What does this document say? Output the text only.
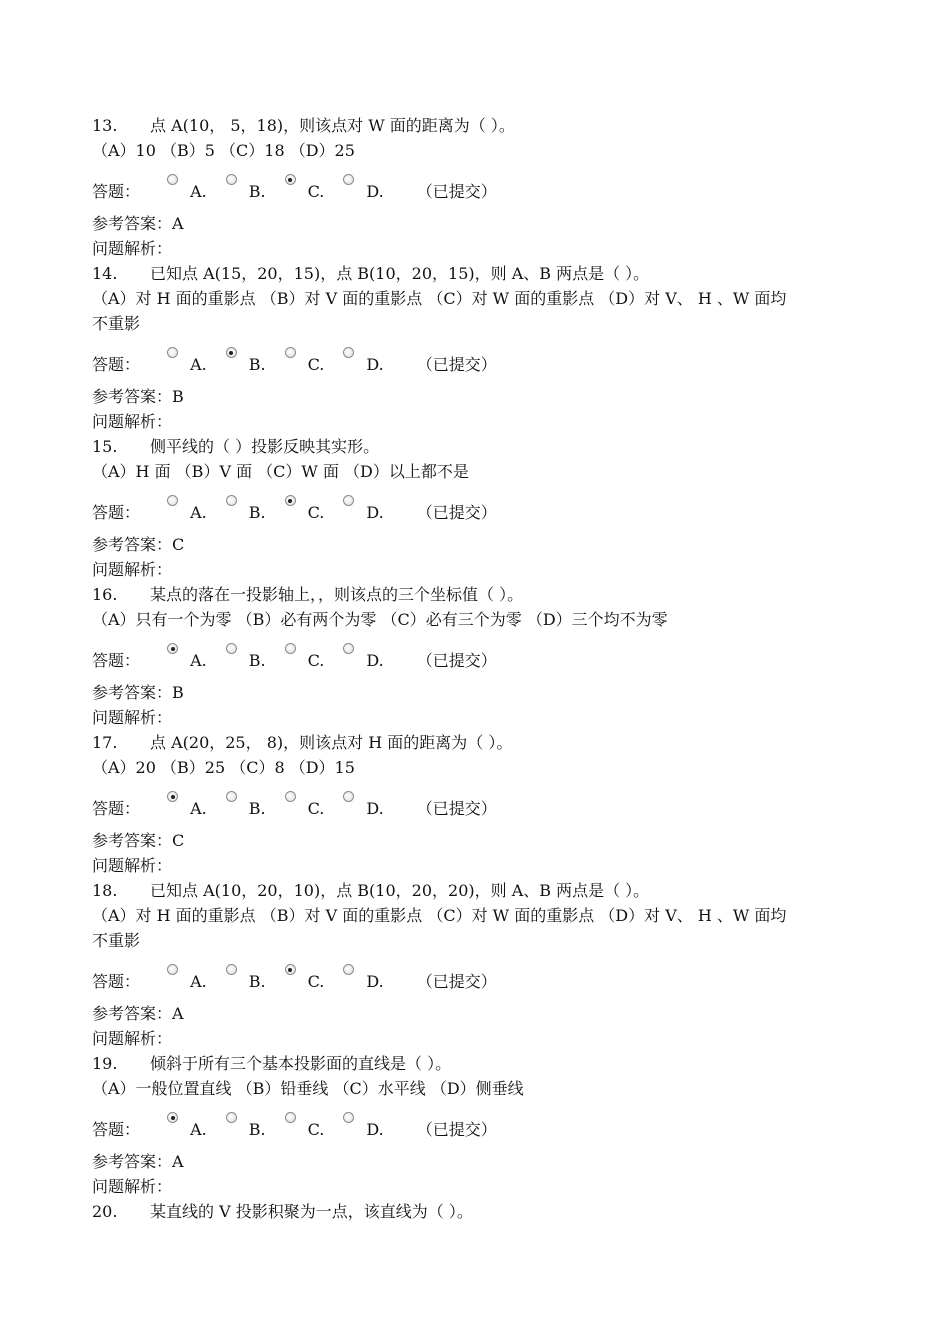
13. 点 A(10， 5，18)，则该点对 W 面的距离为（ ）。
（A）10 （B）5 （C）18 （D）25
答题：	A.	B.	C.	D. （已提交）
参考答案：A
问题解析：
14. 已知点 A(15，20，15)，点 B(10，20，15)，则 A、B 两点是（ ）。
（A）对 H 面的重影点 （B）对 V 面的重影点 （C）对 W 面的重影点 （D）对 V、 H 、W 面均
不重影
答题：	A.	B.	C.	D. （已提交）
参考答案：B
问题解析：
15. 侧平线的（ ）投影反映其实形。
（A）H 面 （B）V 面 （C）W 面 （D）以上都不是
答题：	A.	B.	C.	D. （已提交）
参考答案：C
问题解析：
16. 某点的落在一投影轴上，，则该点的三个坐标值（ ）。
（A）只有一个为零 （B）必有两个为零 （C）必有三个为零 （D）三个均不为零
答题：	A.	B.	C.	D. （已提交）
参考答案：B
问题解析：
17. 点 A(20，25， 8)，则该点对 H 面的距离为（ ）。
（A）20 （B）25 （C）8 （D）15
答题：	A.	B.	C.	D. （已提交）
参考答案：C
问题解析：
18. 已知点 A(10，20，10)，点 B(10，20，20)，则 A、B 两点是（ ）。
（A）对 H 面的重影点 （B）对 V 面的重影点 （C）对 W 面的重影点 （D）对 V、 H 、W 面均
不重影
答题：	A.	B.	C.	D. （已提交）
参考答案：A
问题解析：
19. 倾斜于所有三个基本投影面的直线是（ ）。
（A）一般位置直线 （B）铅垂线 （C）水平线 （D）侧垂线
答题：	A.	B.	C.	D. （已提交）
参考答案：A
问题解析：
20. 某直线的 V 投影积聚为一点，该直线为（ ）。
